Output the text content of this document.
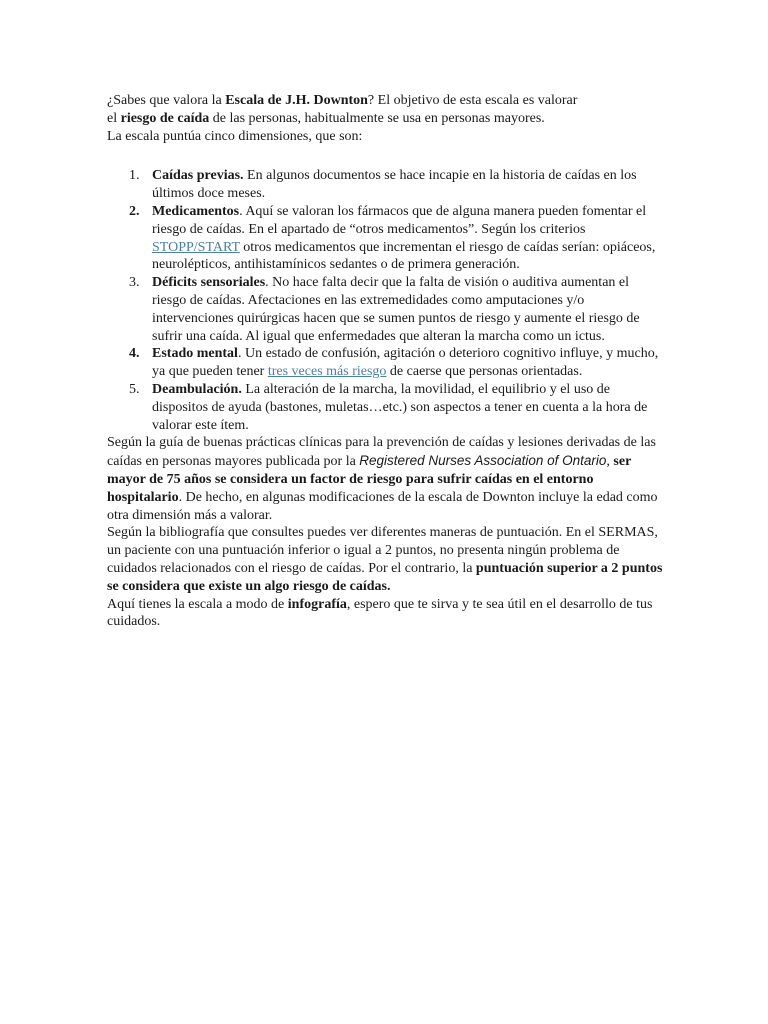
¿Sabes que valora la Escala de J.H. Downton? El objetivo de esta escala es valorar

el riesgo de caída de las personas, habitualmente se usa en personas mayores.

La escala puntúa cinco dimensiones, que son:

1. Caídas previas. En algunos documentos se hace incapie en la historia de caídas en los últimos doce meses.
2. Medicamentos. Aquí se valoran los fármacos que de alguna manera pueden fomentar el riesgo de caídas. En el apartado de “otros medicamentos”. Según los criterios STOPP/START otros medicamentos que incrementan el riesgo de caídas serían: opiáceos, neurolépticos, antihistamínicos sedantes o de primera generación.
3. Déficits sensoriales. No hace falta decir que la falta de visión o auditiva aumentan el riesgo de caídas. Afectaciones en las extremedidades como amputaciones y/o intervenciones quirúrgicas hacen que se sumen puntos de riesgo y aumente el riesgo de sufrir una caída. Al igual que enfermedades que alteran la marcha como un ictus.
4. Estado mental. Un estado de confusión, agitación o deterioro cognitivo influye, y mucho, ya que pueden tener tres veces más riesgo de caerse que personas orientadas.
5. Deambulación. La alteración de la marcha, la movilidad, el equilibrio y el uso de dispositos de ayuda (bastones, muletas…etc.) son aspectos a tener en cuenta a la hora de valorar este ítem.

Según la guía de buenas prácticas clínicas para la prevención de caídas y lesiones derivadas de las caídas en personas mayores publicada por la Registered Nurses Association of Ontario, ser mayor de 75 años se considera un factor de riesgo para sufrir caídas en el entorno hospitalario. De hecho, en algunas modificaciones de la escala de Downton incluye la edad como otra dimensión más a valorar.

Según la bibliografía que consultes puedes ver diferentes maneras de puntuación. En el SERMAS, un paciente con una puntuación inferior o igual a 2 puntos, no presenta ningún problema de cuidados relacionados con el riesgo de caídas. Por el contrario, la puntuación superior a 2 puntos se considera que existe un algo riesgo de caídas.

Aquí tienes la escala a modo de infografía, espero que te sirva y te sea útil en el desarrollo de tus cuidados.
